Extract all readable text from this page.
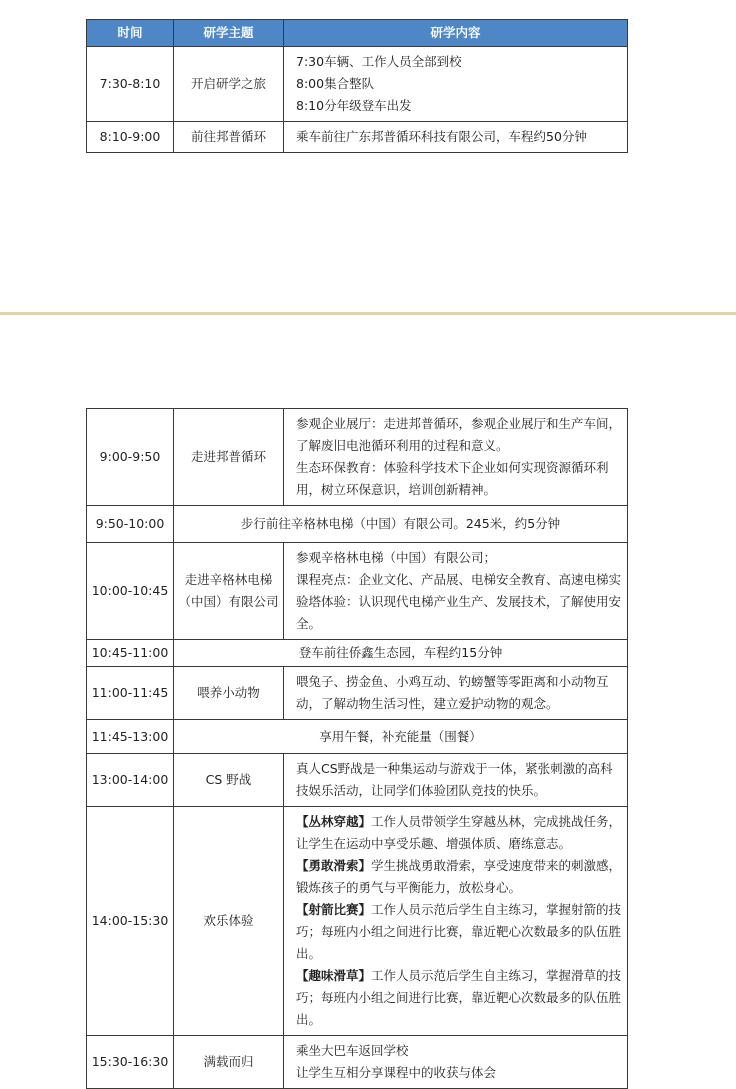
时间	研学主题	研学内容
7:30-8:10	开启研学之旅	7:30车辆、工作人员全部到校
8:00集合整队
8:10分年级登车出发

8:10-9:00	前往邦普循环	乘车前往广东邦普循环科技有限公司，车程约50分钟
9:00-9:50	走进邦普循环	参观企业展厅：走进邦普循环，参观企业展厅和生产车间，了解废旧电池循环利用的过程和意义。
生态环保教育：体验科学技术下企业如何实现资源循环利用，树立环保意识，培训创新精神。

9:50-10:00	步行前往辛格林电梯（中国）有限公司。245米，约5分钟	
10:00-10:45	走进辛格林电梯（中国）有限公司	参观辛格林电梯（中国）有限公司；
课程亮点：企业文化、产品展、电梯安全教育、高速电梯实验塔体验：认识现代电梯产业生产、发展技术，了解使用安全。

10:45-11:00	登车前往侨鑫生态园，车程约15分钟	
11:00-11:45	喂养小动物	喂兔子、捞金鱼、小鸡互动、钓螃蟹等零距离和小动物互动，了解动物生活习性，建立爱护动物的观念。
11:45-13:00	享用午餐，补充能量（围餐）	
13:00-14:00	CS 野战	真人CS野战是一种集运动与游戏于一体，紧张刺激的高科技娱乐活动，让同学们体验团队竞技的快乐。
14:00-15:30	欢乐体验	【丛林穿越】工作人员带领学生穿越丛林，完成挑战任务，让学生在运动中享受乐趣、增强体质、磨练意志。
【勇敢滑索】学生挑战勇敢滑索，享受速度带来的刺激感，锻炼孩子的勇气与平衡能力，放松身心。
【射箭比赛】工作人员示范后学生自主练习，掌握射箭的技巧；每班内小组之间进行比赛，靠近靶心次数最多的队伍胜出。
【趣味滑草】工作人员示范后学生自主练习，掌握滑草的技巧；每班内小组之间进行比赛，靠近靶心次数最多的队伍胜出。

15:30-16:30	满载而归	乘坐大巴车返回学校
让学生互相分享课程中的收获与体会
